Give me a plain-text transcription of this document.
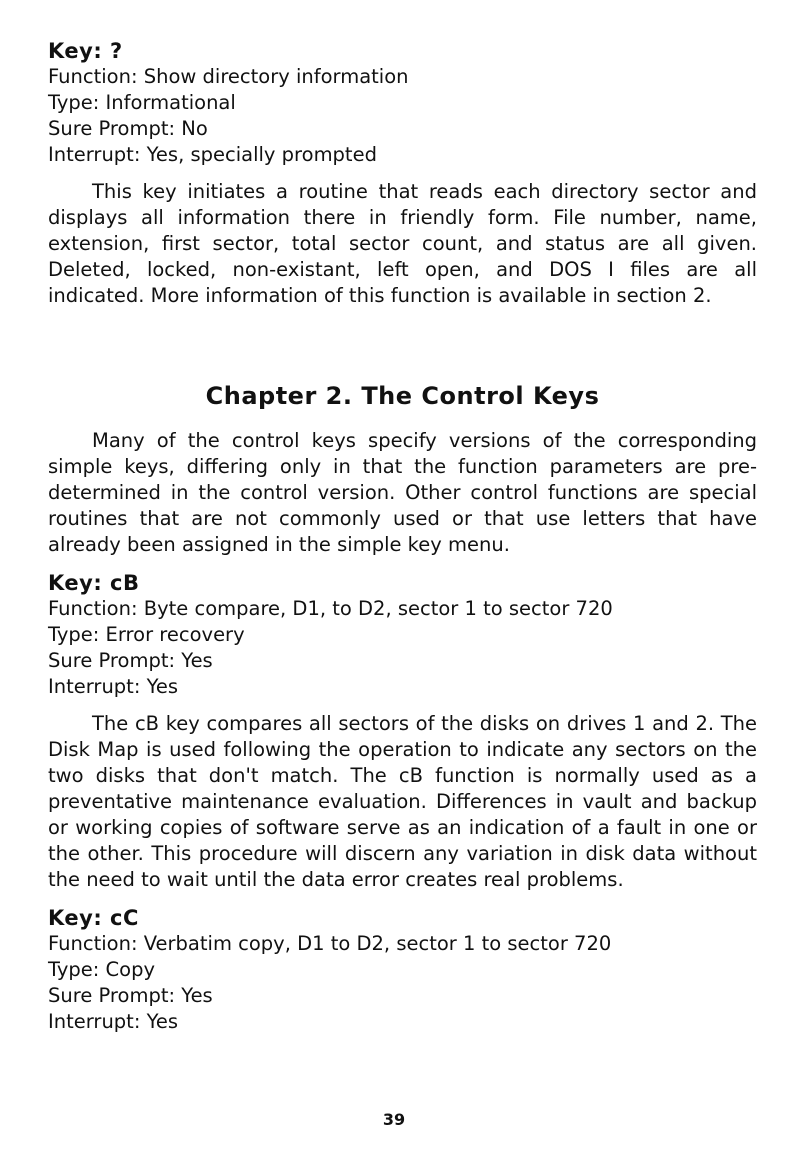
Key: ?

Function: Show directory information

Type: Informational

Sure Prompt: No

Interrupt: Yes, specially prompted

This key initiates a routine that reads each directory sector and displays all information there in friendly form. File number, name, extension, first sector, total sector count, and status are all given. Deleted, locked, non-existant, left open, and DOS I files are all indicated. More information of this function is available in section 2.

Chapter 2. The Control Keys

Many of the control keys specify versions of the corresponding simple keys, differing only in that the function parameters are pre-determined in the control version. Other control functions are special routines that are not commonly used or that use letters that have already been assigned in the simple key menu.

Key: cB

Function: Byte compare, D1, to D2, sector 1 to sector 720

Type: Error recovery

Sure Prompt: Yes

Interrupt: Yes

The cB key compares all sectors of the disks on drives 1 and 2. The Disk Map is used following the operation to indicate any sectors on the two disks that don't match. The cB function is normally used as a preventative maintenance evaluation. Differences in vault and backup or working copies of software serve as an indication of a fault in one or the other. This procedure will discern any variation in disk data without the need to wait until the data error creates real problems.

Key: cC

Function: Verbatim copy, D1 to D2, sector 1 to sector 720

Type: Copy

Sure Prompt: Yes

Interrupt: Yes

39
